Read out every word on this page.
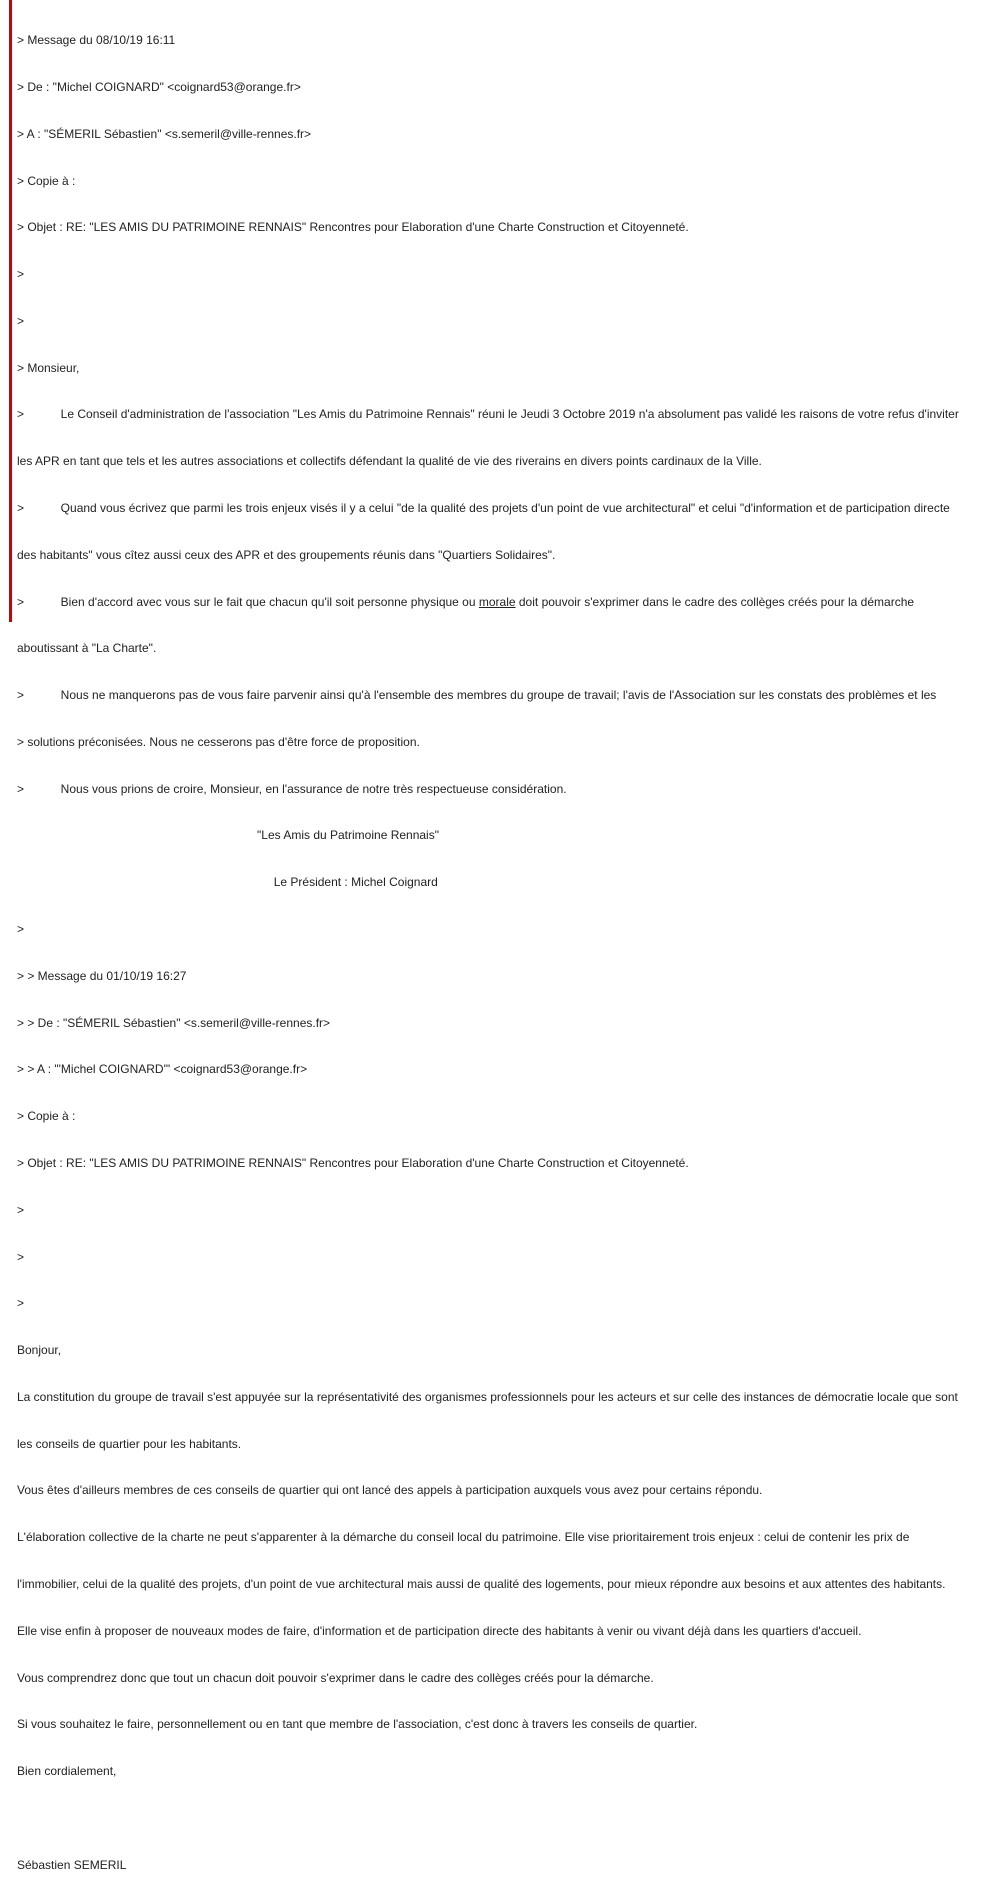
> Message du 08/10/19 16:11

> De : "Michel COIGNARD" <coignard53@orange.fr>

> A : "SÉMERIL Sébastien" <s.semeril@ville-rennes.fr>

> Copie à :

> Objet : RE: "LES AMIS DU PATRIMOINE RENNAIS" Rencontres pour Elaboration d'une Charte Construction et Citoyenneté.

>

>

> Monsieur,

>           Le Conseil d'administration de l'association "Les Amis du Patrimoine Rennais" réuni le Jeudi 3 Octobre 2019 n'a absolument pas validé les raisons de votre refus d'inviter

les APR en tant que tels et les autres associations et collectifs défendant la qualité de vie des riverains en divers points cardinaux de la Ville.

>           Quand vous écrivez que parmi les trois enjeux visés il y a celui "de la qualité des projets d'un point de vue architectural" et celui "d'information et de participation directe

des habitants" vous cîtez aussi ceux des APR et des groupements réunis dans "Quartiers Solidaires".

>           Bien d'accord avec vous sur le fait que chacun qu'il soit personne physique ou morale doit pouvoir s'exprimer dans le cadre des collèges créés pour la démarche

aboutissant à "La Charte".

>           Nous ne manquerons pas de vous faire parvenir ainsi qu'à l'ensemble des membres du groupe de travail; l'avis de l'Association sur les constats des problèmes et les

> solutions préconisées. Nous ne cesserons pas d'être force de proposition.

>           Nous vous prions de croire, Monsieur, en l'assurance de notre très respectueuse considération.

"Les Amis du Patrimoine Rennais"

Le Président : Michel Coignard

>

> > Message du 01/10/19 16:27

> > De : "SÉMERIL Sébastien" <s.semeril@ville-rennes.fr>

> > A : "'Michel COIGNARD'" <coignard53@orange.fr>

> Copie à :

> Objet : RE: "LES AMIS DU PATRIMOINE RENNAIS" Rencontres pour Elaboration d'une Charte Construction et Citoyenneté.

>

>

>

Bonjour,

La constitution du groupe de travail s'est appuyée sur la représentativité des organismes professionnels pour les acteurs et sur celle des instances de démocratie locale que sont

les conseils de quartier pour les habitants.

Vous êtes d'ailleurs membres de ces conseils de quartier qui ont lancé des appels à participation auxquels vous avez pour certains répondu.

L'élaboration collective de la charte ne peut s'apparenter à la démarche du conseil local du patrimoine. Elle vise prioritairement trois enjeux : celui de contenir les prix de

l'immobilier, celui de la qualité des projets, d'un point de vue architectural mais aussi de qualité des logements, pour mieux répondre aux besoins et aux attentes des habitants.

Elle vise enfin à proposer de nouveaux modes de faire, d'information et de participation directe des habitants à venir ou vivant déjà dans les quartiers d'accueil.

Vous comprendrez donc que tout un chacun doit pouvoir s'exprimer dans le cadre des collèges créés pour la démarche.

Si vous souhaitez le faire, personnellement ou en tant que membre de l'association, c'est donc à travers les conseils de quartier.

Bien cordialement,

Sébastien SEMERIL
